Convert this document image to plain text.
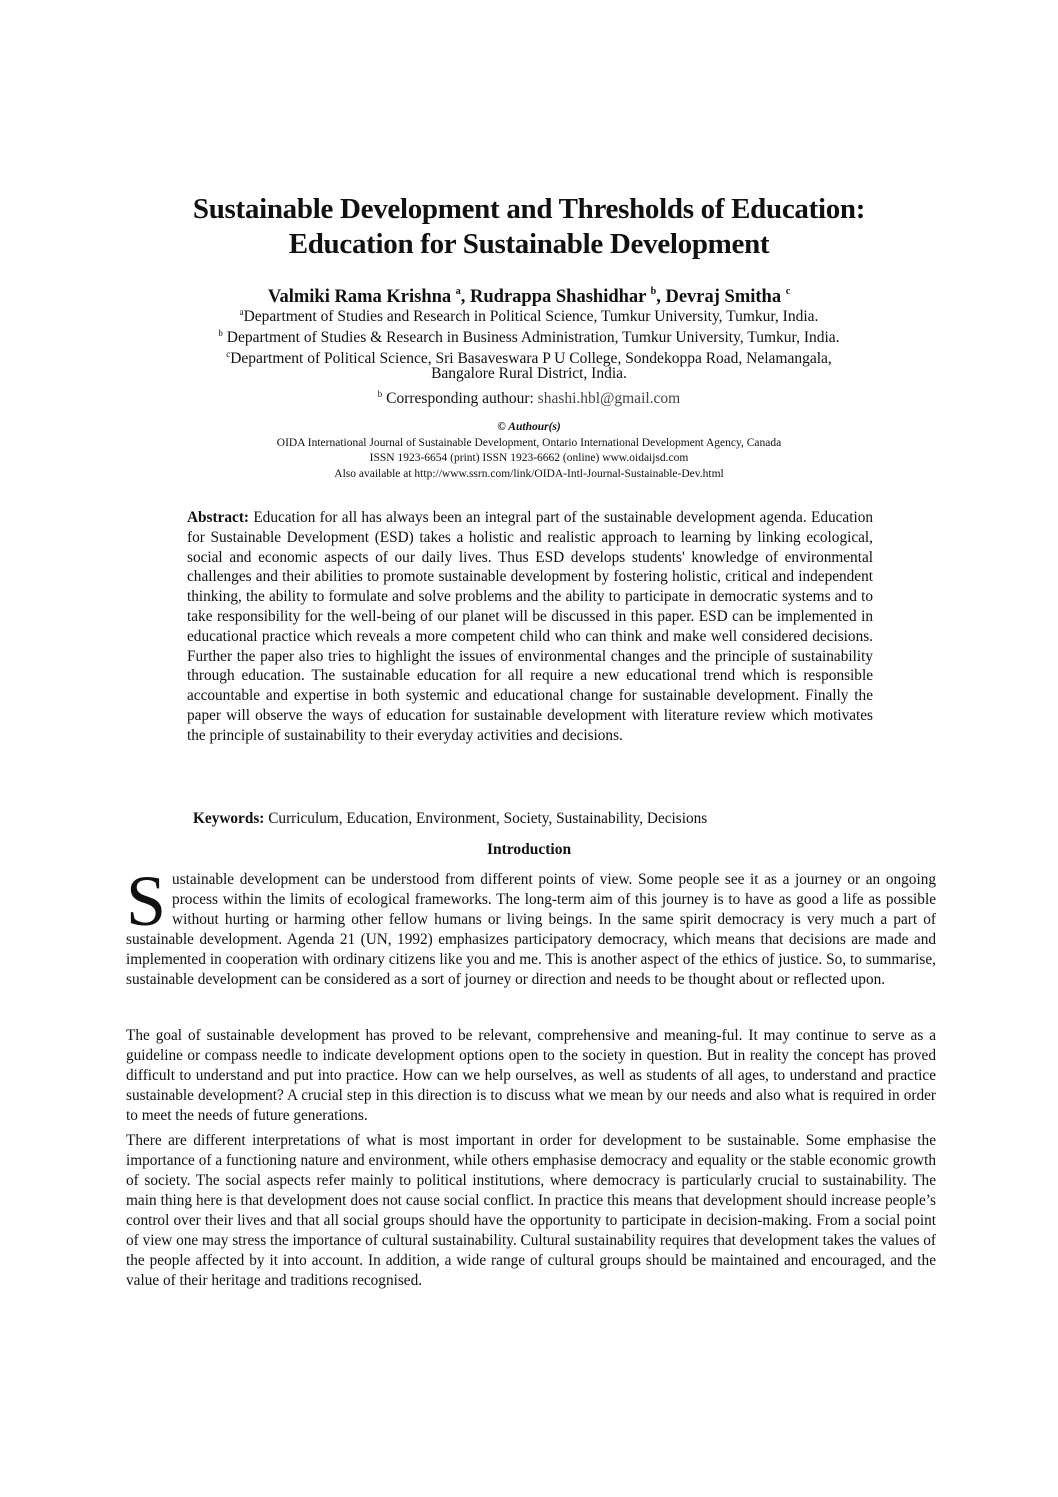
Sustainable Development and Thresholds of Education:
Education for Sustainable Development
Valmiki Rama Krishna $^a$, Rudrappa Shashidhar $^b$, Devraj Smitha $^c$
$^a$Department of Studies and Research in Political Science, Tumkur University, Tumkur, India.
$^b$ Department of Studies & Research in Business Administration, Tumkur University, Tumkur, India.
$^c$Department of Political Science, Sri Basaveswara P U College, Sondekoppa Road, Nelamangala,
Bangalore Rural District, India.
$^b$ Corresponding authour: shashi.hbl@gmail.com
© Authour(s)
OIDA International Journal of Sustainable Development, Ontario International Development Agency, Canada
ISSN 1923-6654 (print) ISSN 1923-6662 (online) www.oidaijsd.com
Also available at http://www.ssrn.com/link/OIDA-Intl-Journal-Sustainable-Dev.html
Abstract: Education for all has always been an integral part of the sustainable development agenda. Education for Sustainable Development (ESD) takes a holistic and realistic approach to learning by linking ecological, social and economic aspects of our daily lives. Thus ESD develops students' knowledge of environmental challenges and their abilities to promote sustainable development by fostering holistic, critical and independent thinking, the ability to formulate and solve problems and the ability to participate in democratic systems and to take responsibility for the well-being of our planet will be discussed in this paper. ESD can be implemented in educational practice which reveals a more competent child who can think and make well considered decisions. Further the paper also tries to highlight the issues of environmental changes and the principle of sustainability through education. The sustainable education for all require a new educational trend which is responsible accountable and expertise in both systemic and educational change for sustainable development. Finally the paper will observe the ways of education for sustainable development with literature review which motivates the principle of sustainability to their everyday activities and decisions.
Keywords: Curriculum, Education, Environment, Society, Sustainability, Decisions
Introduction
Sustainable development can be understood from different points of view. Some people see it as a journey or an ongoing process within the limits of ecological frameworks. The long-term aim of this journey is to have as good a life as possible without hurting or harming other fellow humans or living beings. In the same spirit democracy is very much a part of sustainable development. Agenda 21 (UN, 1992) emphasizes participatory democracy, which means that decisions are made and implemented in cooperation with ordinary citizens like you and me. This is another aspect of the ethics of justice. So, to summarise, sustainable development can be considered as a sort of journey or direction and needs to be thought about or reflected upon.
The goal of sustainable development has proved to be relevant, comprehensive and meaning-ful. It may continue to serve as a guideline or compass needle to indicate development options open to the society in question. But in reality the concept has proved difficult to understand and put into practice. How can we help ourselves, as well as students of all ages, to understand and practice sustainable development? A crucial step in this direction is to discuss what we mean by our needs and also what is required in order to meet the needs of future generations.
There are different interpretations of what is most important in order for development to be sustainable. Some emphasise the importance of a functioning nature and environment, while others emphasise democracy and equality or the stable economic growth of society. The social aspects refer mainly to political institutions, where democracy is particularly crucial to sustainability. The main thing here is that development does not cause social conflict. In practice this means that development should increase people’s control over their lives and that all social groups should have the opportunity to participate in decision-making. From a social point of view one may stress the importance of cultural sustainability. Cultural sustainability requires that development takes the values of the people affected by it into account. In addition, a wide range of cultural groups should be maintained and encouraged, and the value of their heritage and traditions recognised.
